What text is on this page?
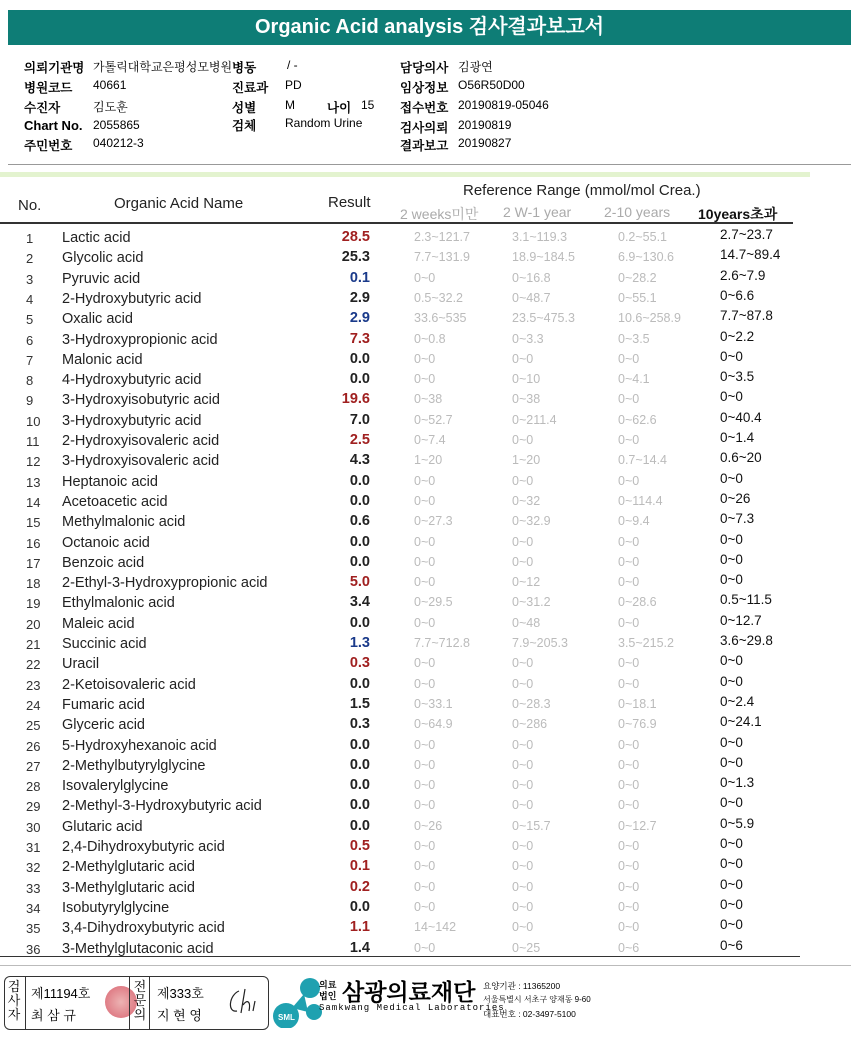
Organic Acid analysis 검사결과보고서
의뢰기관명 가톨릭대학교은평성모병원 병동	/ -	담당의사 김광연
병원코드 40661	진료과 PD	임상정보 O56R50D00
수진자	김도훈	성별 M	나이 15 접수번호 20190819-05046
Chart No. 2055865	검체 Random Urine	검사의뢰 20190819
주민번호 040212-3	결과보고 20190827
No.	Organic Acid Name	Result
Reference Range (mmol/mol Crea.)
2 weeks미만 2 W-1 year 2-10 years 10years초과
1 Lactic acid	28.5	2.3~121.7	3.1~119.3	0.2~55.1	2.7~23.7
2 Glycolic acid	25.3	7.7~131.9	18.9~184.5	6.9~130.6	14.7~89.4
3 Pyruvic acid	0.1	0~0	0~16.8	0~28.2	2.6~7.9
4 2-Hydroxybutyric acid	2.9	0.5~32.2	0~48.7	0~55.1	0~6.6
5 Oxalic acid	2.9	33.6~535	23.5~475.3	10.6~258.9	7.7~87.8
6 3-Hydroxypropionic acid	7.3	0~0.8	0~3.3	0~3.5	0~2.2
7 Malonic acid	0.0	0~0	0~0	0~0	0~0
8 4-Hydroxybutyric acid	0.0	0~0	0~10	0~4.1	0~3.5
9 3-Hydroxyisobutyric acid	19.6	0~38	0~38	0~0	0~0
10 3-Hydroxybutyric acid	7.0	0~52.7	0~211.4	0~62.6	0~40.4
11 2-Hydroxyisovaleric acid	2.5	0~7.4	0~0	0~0	0~1.4
12 3-Hydroxyisovaleric acid	4.3	1~20	1~20	0.7~14.4	0.6~20
13 Heptanoic acid	0.0	0~0	0~0	0~0	0~0
14 Acetoacetic acid	0.0	0~0	0~32	0~114.4	0~26
15 Methylmalonic acid	0.6	0~27.3	0~32.9	0~9.4	0~7.3
16 Octanoic acid	0.0	0~0	0~0	0~0	0~0
17 Benzoic acid	0.0	0~0	0~0	0~0	0~0
18 2-Ethyl-3-Hydroxypropionic acid	5.0	0~0	0~12	0~0	0~0
19 Ethylmalonic acid	3.4	0~29.5	0~31.2	0~28.6	0.5~11.5
20 Maleic acid	0.0	0~0	0~48	0~0	0~12.7
21 Succinic acid	1.3	7.7~712.8	7.9~205.3	3.5~215.2	3.6~29.8
22 Uracil	0.3	0~0	0~0	0~0	0~0
23 2-Ketoisovaleric acid	0.0	0~0	0~0	0~0	0~0
24 Fumaric acid	1.5	0~33.1	0~28.3	0~18.1	0~2.4
25 Glyceric acid	0.3	0~64.9	0~286	0~76.9	0~24.1
26 5-Hydroxyhexanoic acid	0.0	0~0	0~0	0~0	0~0
27 2-Methylbutyrylglycine	0.0	0~0	0~0	0~0	0~0
28 Isovalerylglycine	0.0	0~0	0~0	0~0	0~1.3
29 2-Methyl-3-Hydroxybutyric acid	0.0	0~0	0~0	0~0	0~0
30 Glutaric acid	0.0	0~26	0~15.7	0~12.7	0~5.9
31 2,4-Dihydroxybutyric acid	0.5	0~0	0~0	0~0	0~0
32 2-Methylglutaric acid	0.1	0~0	0~0	0~0	0~0
33 3-Methylglutaric acid	0.2	0~0	0~0	0~0	0~0
34 Isobutyrylglycine	0.0	0~0	0~0	0~0	0~0
35 3,4-Dihydroxybutyric acid	1.1	14~142	0~0	0~0	0~0
36 3-Methylglutaconic acid	1.4	0~0	0~25	0~6	0~6
검사자
제11194호
최 삼 규
전문의
제333호
지 현 영	SML
의료
법인 삼광의료재단
Samkwang Medical Laboratories
요양기관 : 11365200
서울특별시 서초구 양재동 9-60
대표번호 : 02-3497-5100
